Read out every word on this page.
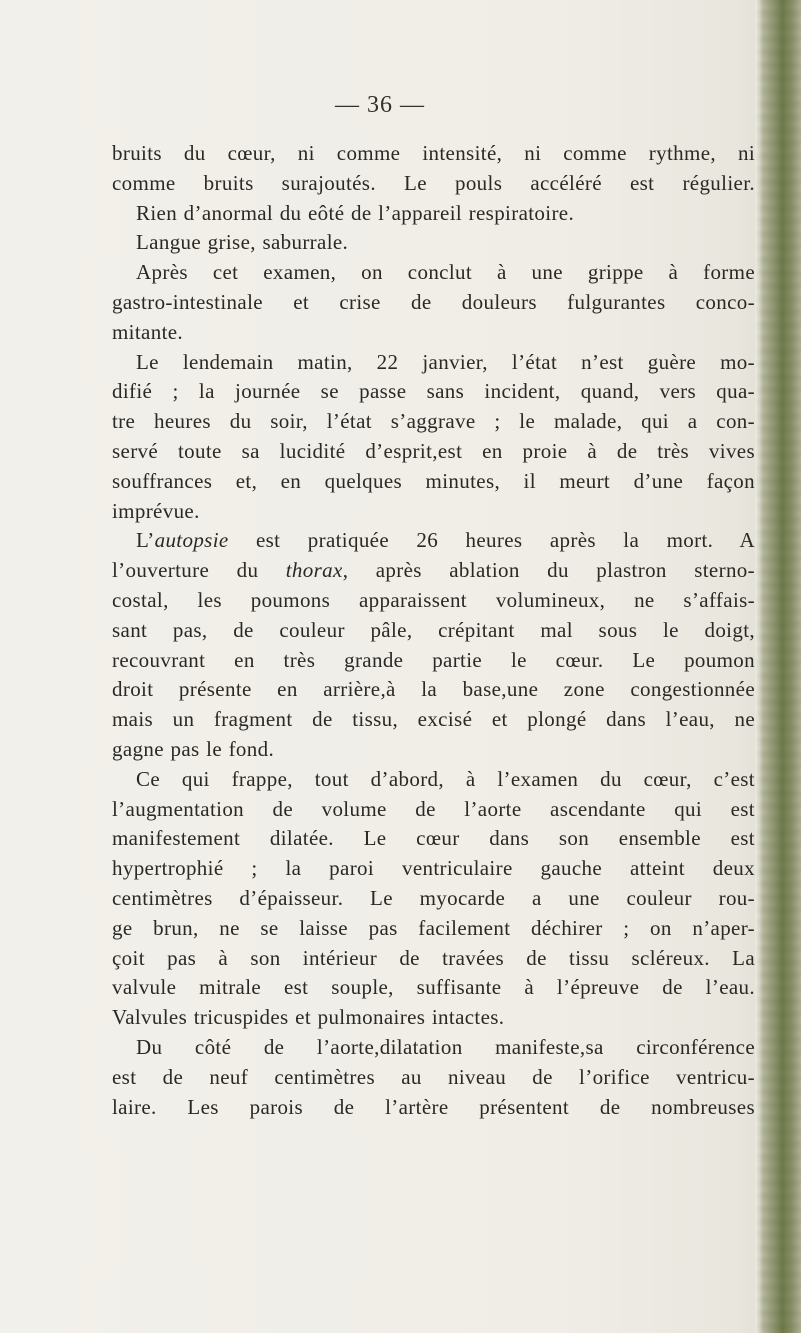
— 36 —
bruits du cœur, ni comme intensité, ni comme rythme, ni
comme bruits surajoutés. Le pouls accéléré est régulier.
Rien d’anormal du eôté de l’appareil respiratoire.
Langue grise, saburrale.
Après cet examen, on conclut à une grippe à forme
gastro-intestinale et crise de douleurs fulgurantes conco-
mitante.
Le lendemain matin, 22 janvier, l’état n’est guère mo-
difié ; la journée se passe sans incident, quand, vers qua-
tre heures du soir, l’état s’aggrave ; le malade, qui a con-
servé toute sa lucidité d’esprit,est en proie à de très vives
souffrances et, en quelques minutes, il meurt d’une façon
imprévue.
L’autopsie est pratiquée 26 heures après la mort. A
l’ouverture du thorax, après ablation du plastron sterno-
costal, les poumons apparaissent volumineux, ne s’affais-
sant pas, de couleur pâle, crépitant mal sous le doigt,
recouvrant en très grande partie le cœur. Le poumon
droit présente en arrière,à la base,une zone congestionnée
mais un fragment de tissu, excisé et plongé dans l’eau, ne
gagne pas le fond.
Ce qui frappe, tout d’abord, à l’examen du cœur, c’est
l’augmentation de volume de l’aorte ascendante qui est
manifestement dilatée. Le cœur dans son ensemble est
hypertrophié ; la paroi ventriculaire gauche atteint deux
centimètres d’épaisseur. Le myocarde a une couleur rou-
ge brun, ne se laisse pas facilement déchirer ; on n’aper-
çoit pas à son intérieur de travées de tissu scléreux. La
valvule mitrale est souple, suffisante à l’épreuve de l’eau.
Valvules tricuspides et pulmonaires intactes.
Du côté de l’aorte,dilatation manifeste,sa circonférence
est de neuf centimètres au niveau de l’orifice ventricu-
laire. Les parois de l’artère présentent de nombreuses
